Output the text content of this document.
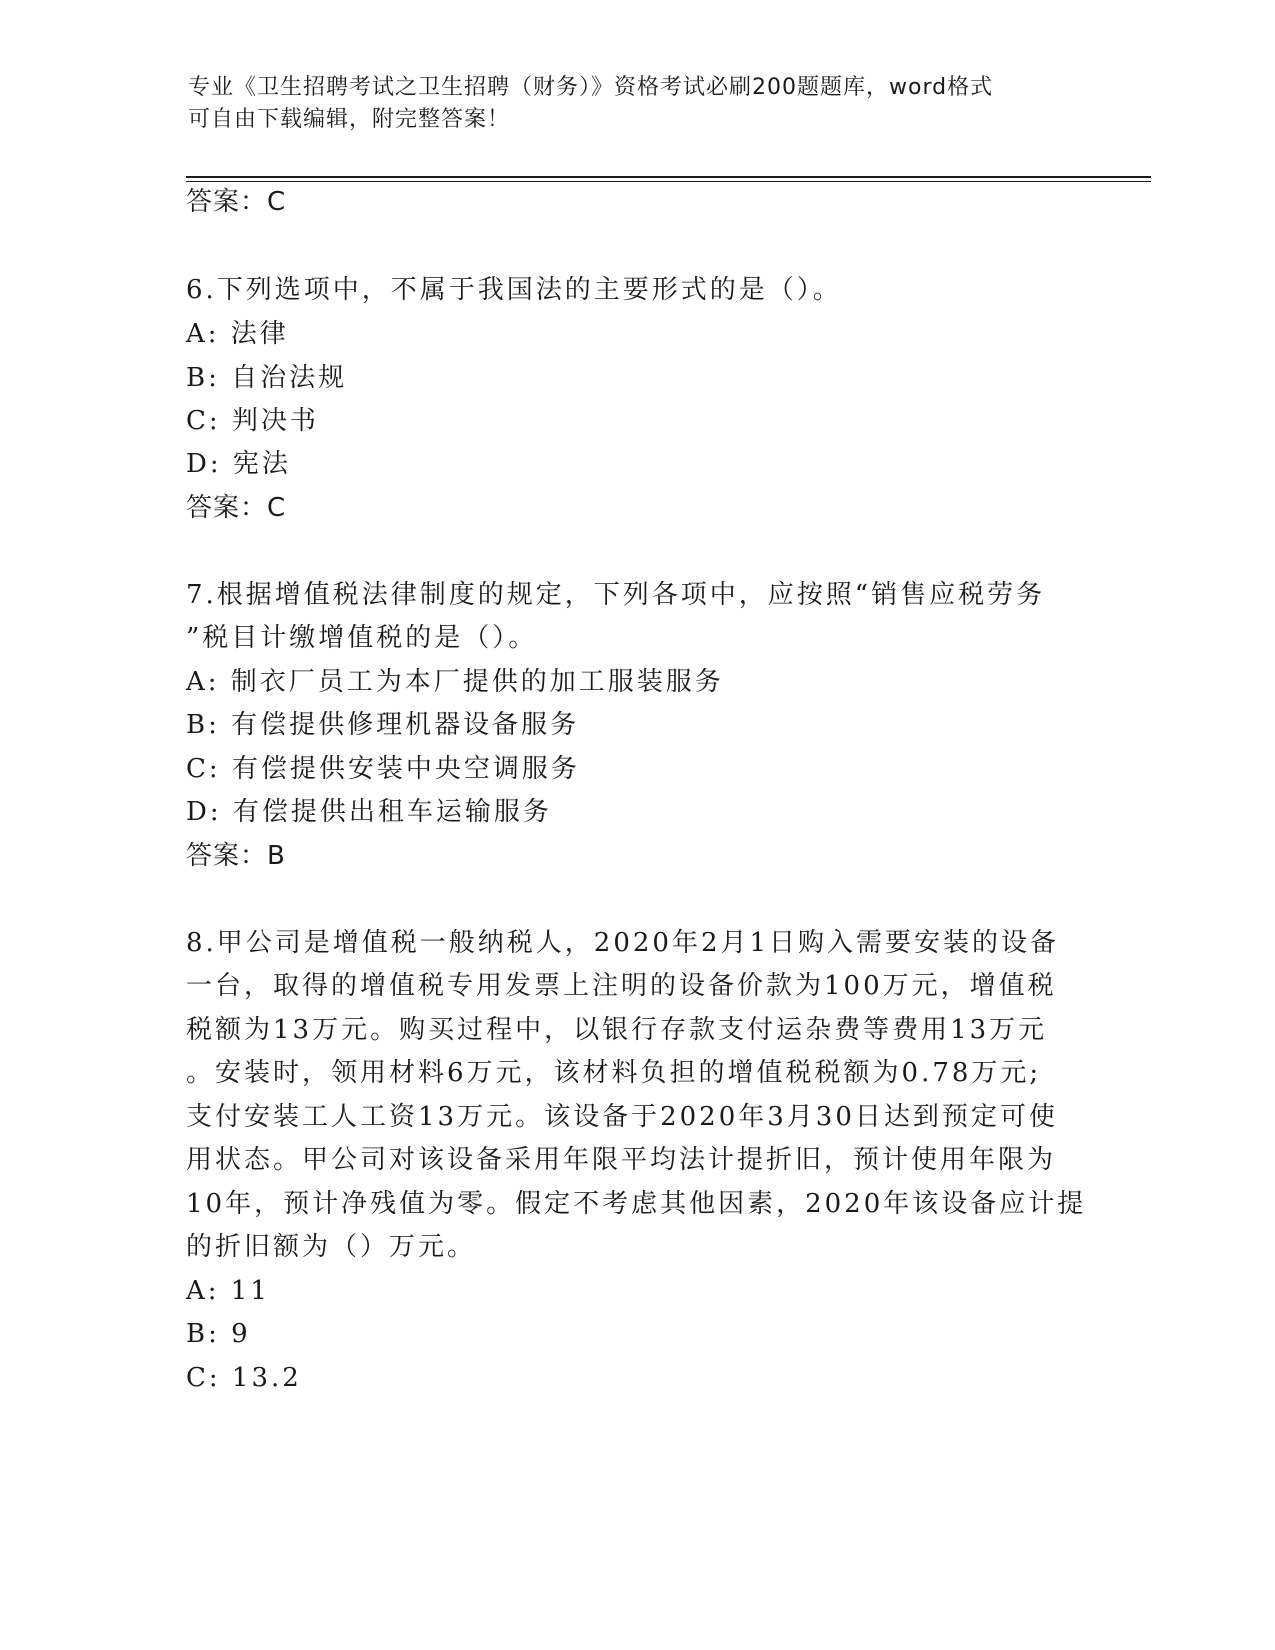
专业《卫生招聘考试之卫生招聘（财务）》资格考试必刷200题题库，word格式
可自由下载编辑，附完整答案！
答案：C
6.下列选项中，不属于我国法的主要形式的是（）。
A: 法律
B: 自治法规
C: 判决书
D: 宪法
答案：C
7.根据增值税法律制度的规定，下列各项中，应按照“销售应税劳务
”税目计缴增值税的是（）。
A: 制衣厂员工为本厂提供的加工服装服务
B: 有偿提供修理机器设备服务
C: 有偿提供安装中央空调服务
D: 有偿提供出租车运输服务
答案：B
8.甲公司是增值税一般纳税人，2020年2月1日购入需要安装的设备
一台，取得的增值税专用发票上注明的设备价款为100万元，增值税
税额为13万元。购买过程中，以银行存款支付运杂费等费用13万元
。安装时，领用材料6万元，该材料负担的增值税税额为0.78万元;
支付安装工人工资13万元。该设备于2020年3月30日达到预定可使
用状态。甲公司对该设备采用年限平均法计提折旧，预计使用年限为
10年，预计净残值为零。假定不考虑其他因素，2020年该设备应计提
的折旧额为（）万元。
A: 11
B: 9
C: 13.2
